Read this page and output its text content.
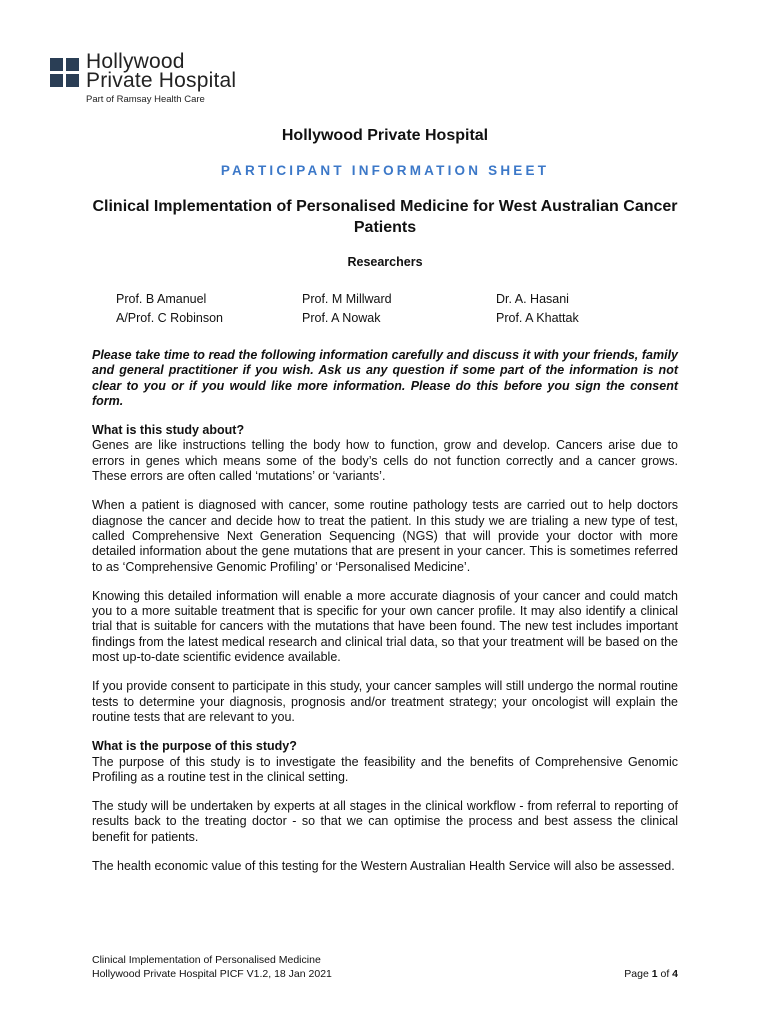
Hollywood
Private Hospital
Part of Ramsay Health Care
Hollywood Private Hospital
PARTICIPANT INFORMATION SHEET
Clinical Implementation of Personalised Medicine for West Australian Cancer Patients
Researchers
Prof. B Amanuel
A/Prof. C Robinson
Prof. M Millward
Prof. A Nowak
Dr. A. Hasani
Prof. A Khattak

Please take time to read the following information carefully and discuss it with your friends, family and general practitioner if you wish. Ask us any question if some part of the information is not clear to you or if you would like more information. Please do this before you sign the consent form.

What is this study about?
Genes are like instructions telling the body how to function, grow and develop. Cancers arise due to errors in genes which means some of the body’s cells do not function correctly and a cancer grows. These errors are often called ‘mutations’ or ‘variants’.

When a patient is diagnosed with cancer, some routine pathology tests are carried out to help doctors diagnose the cancer and decide how to treat the patient. In this study we are trialing a new type of test, called Comprehensive Next Generation Sequencing (NGS) that will provide your doctor with more detailed information about the gene mutations that are present in your cancer. This is sometimes referred to as ‘Comprehensive Genomic Profiling’ or ‘Personalised Medicine’.

Knowing this detailed information will enable a more accurate diagnosis of your cancer and could match you to a more suitable treatment that is specific for your own cancer profile. It may also identify a clinical trial that is suitable for cancers with the mutations that have been found. The new test includes important findings from the latest medical research and clinical trial data, so that your treatment will be based on the most up-to-date scientific evidence available.

If you provide consent to participate in this study, your cancer samples will still undergo the normal routine tests to determine your diagnosis, prognosis and/or treatment strategy; your oncologist will explain the routine tests that are relevant to you.

What is the purpose of this study?
The purpose of this study is to investigate the feasibility and the benefits of Comprehensive Genomic Profiling as a routine test in the clinical setting.

The study will be undertaken by experts at all stages in the clinical workflow - from referral to reporting of results back to the treating doctor - so that we can optimise the process and best assess the clinical benefit for patients.

The health economic value of this testing for the Western Australian Health Service will also be assessed.

Clinical Implementation of Personalised Medicine
Hollywood Private Hospital PICF V1.2, 18 Jan 2021	Page 1 of 4
